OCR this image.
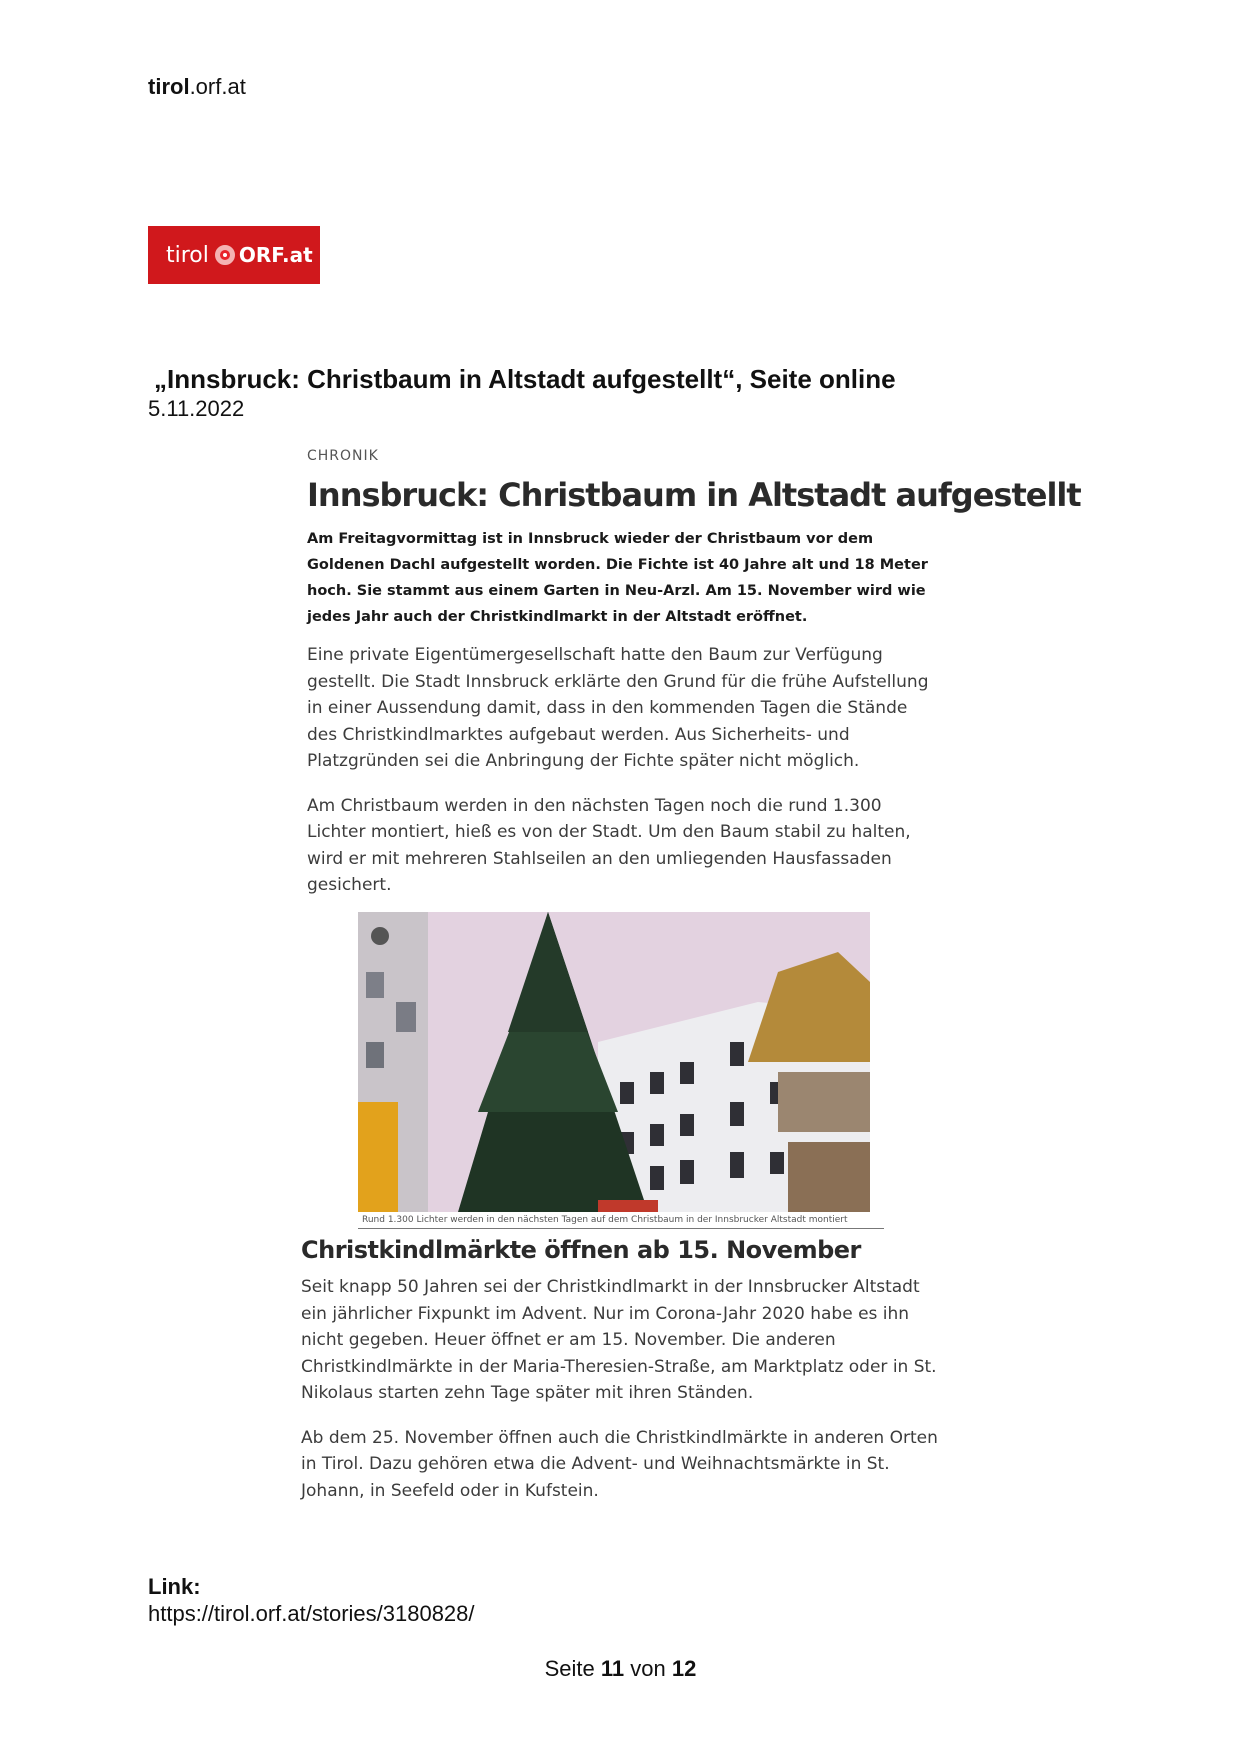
tirol.orf.at
tirol ORF.at
„Innsbruck: Christbaum in Altstadt aufgestellt“, Seite online
5.11.2022
CHRONIK
Innsbruck: Christbaum in Altstadt aufgestellt
Am Freitagvormittag ist in Innsbruck wieder der Christbaum vor dem Goldenen Dachl aufgestellt worden. Die Fichte ist 40 Jahre alt und 18 Meter hoch. Sie stammt aus einem Garten in Neu-Arzl. Am 15. November wird wie jedes Jahr auch der Christkindlmarkt in der Altstadt eröffnet.
Eine private Eigentümergesellschaft hatte den Baum zur Verfügung gestellt. Die Stadt Innsbruck erklärte den Grund für die frühe Aufstellung in einer Aussendung damit, dass in den kommenden Tagen die Stände des Christkindlmarktes aufgebaut werden. Aus Sicherheits- und Platzgründen sei die Anbringung der Fichte später nicht möglich.
Am Christbaum werden in den nächsten Tagen noch die rund 1.300 Lichter montiert, hieß es von der Stadt. Um den Baum stabil zu halten, wird er mit mehreren Stahlseilen an den umliegenden Hausfassaden gesichert.
Rund 1.300 Lichter werden in den nächsten Tagen auf dem Christbaum in der Innsbrucker Altstadt montiert
Christkindlmärkte öffnen ab 15. November
Seit knapp 50 Jahren sei der Christkindlmarkt in der Innsbrucker Altstadt ein jährlicher Fixpunkt im Advent. Nur im Corona-Jahr 2020 habe es ihn nicht gegeben. Heuer öffnet er am 15. November. Die anderen Christkindlmärkte in der Maria-Theresien-Straße, am Marktplatz oder in St. Nikolaus starten zehn Tage später mit ihren Ständen.
Ab dem 25. November öffnen auch die Christkindlmärkte in anderen Orten in Tirol. Dazu gehören etwa die Advent- und Weihnachtsmärkte in St. Johann, in Seefeld oder in Kufstein.
Link:
https://tirol.orf.at/stories/3180828/
Seite 11 von 12
